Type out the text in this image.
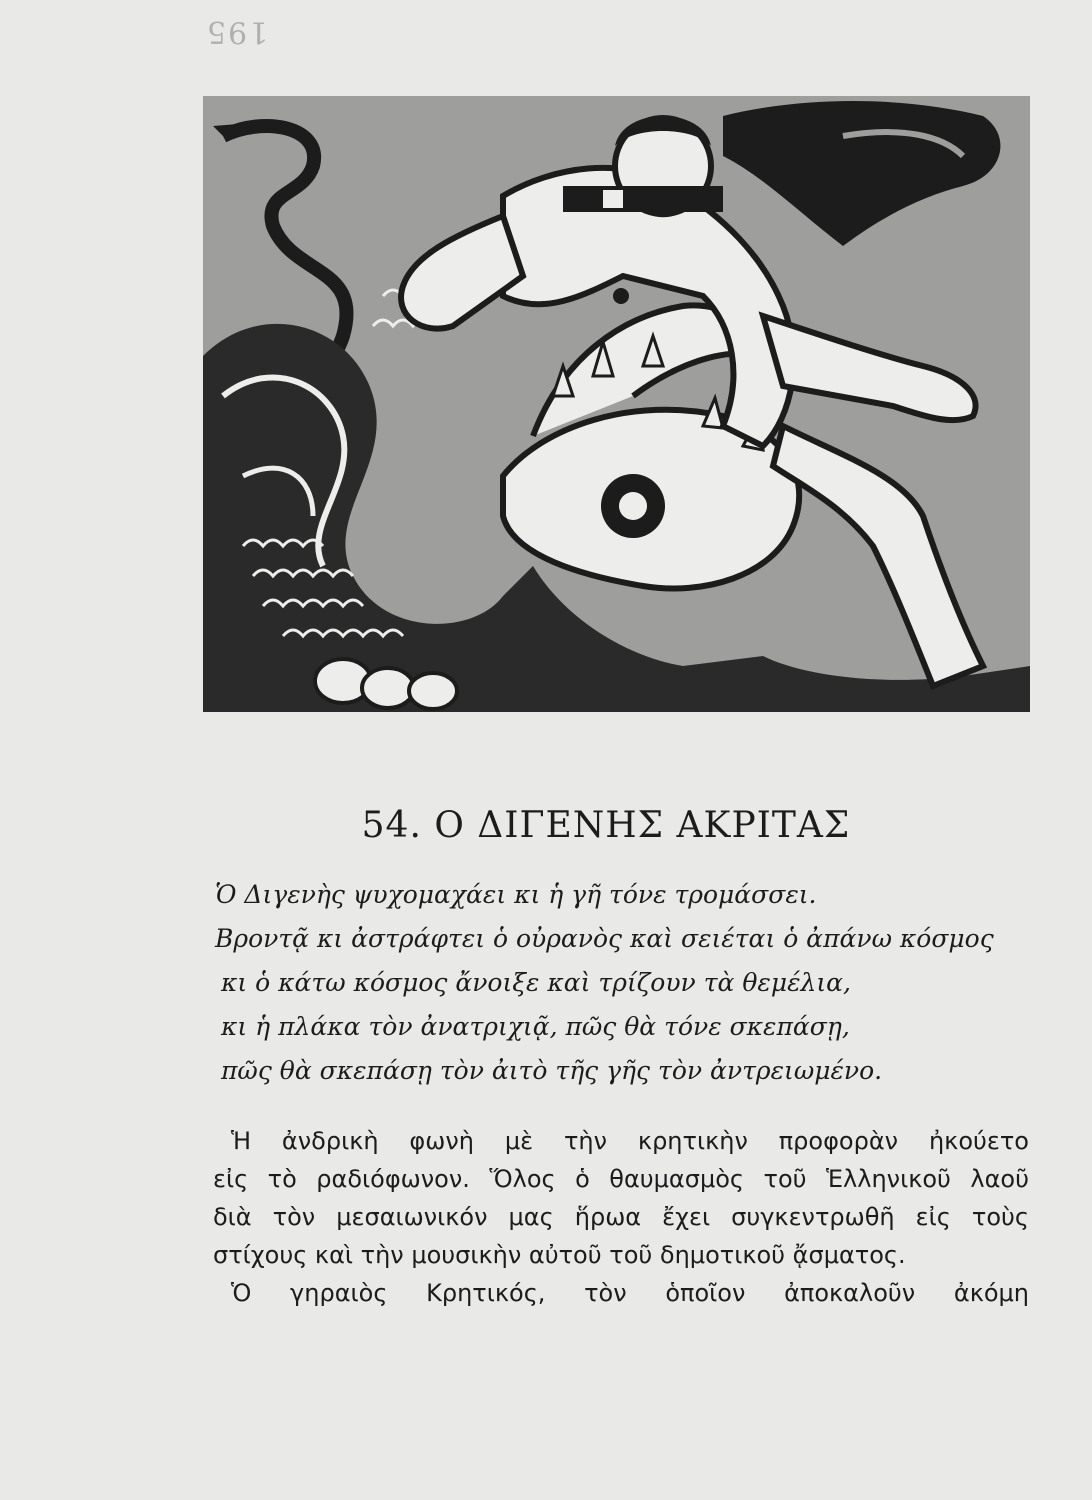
195
54. Ο ΔΙΓΕΝΗΣ ΑΚΡΙΤΑΣ
Ὁ Διγενὴς ψυχομαχάει κι ἡ γῆ τόνε τρομάσσει.
Βροντᾷ κι ἀστράφτει ὁ οὐρανὸς καὶ σειέται ὁ ἀπάνω κόσμος
κι ὁ κάτω κόσμος ἄνοιξε καὶ τρίζουν τὰ θεμέλια,
κι ἡ πλάκα τὸν ἀνατριχιᾷ, πῶς θὰ τόνε σκεπάσῃ,
πῶς θὰ σκεπάσῃ τὸν ἀιτὸ τῆς γῆς τὸν ἀντρειωμένο.

Ἡ ἀνδρικὴ φωνὴ μὲ τὴν κρητικὴν προφορὰν ἠκούετο

εἰς τὸ ραδιόφωνον. Ὅλος ὁ θαυμασμὸς τοῦ Ἑλληνικοῦ λαοῦ

διὰ τὸν μεσαιωνικόν μας ἥρωα ἔχει συγκεντρωθῆ εἰς τοὺς

στίχους καὶ τὴν μουσικὴν αὐτοῦ τοῦ δημοτικοῦ ᾄσματος.

Ὁ γηραιὸς Κρητικός, τὸν ὁποῖον ἀποκαλοῦν ἀκόμη
